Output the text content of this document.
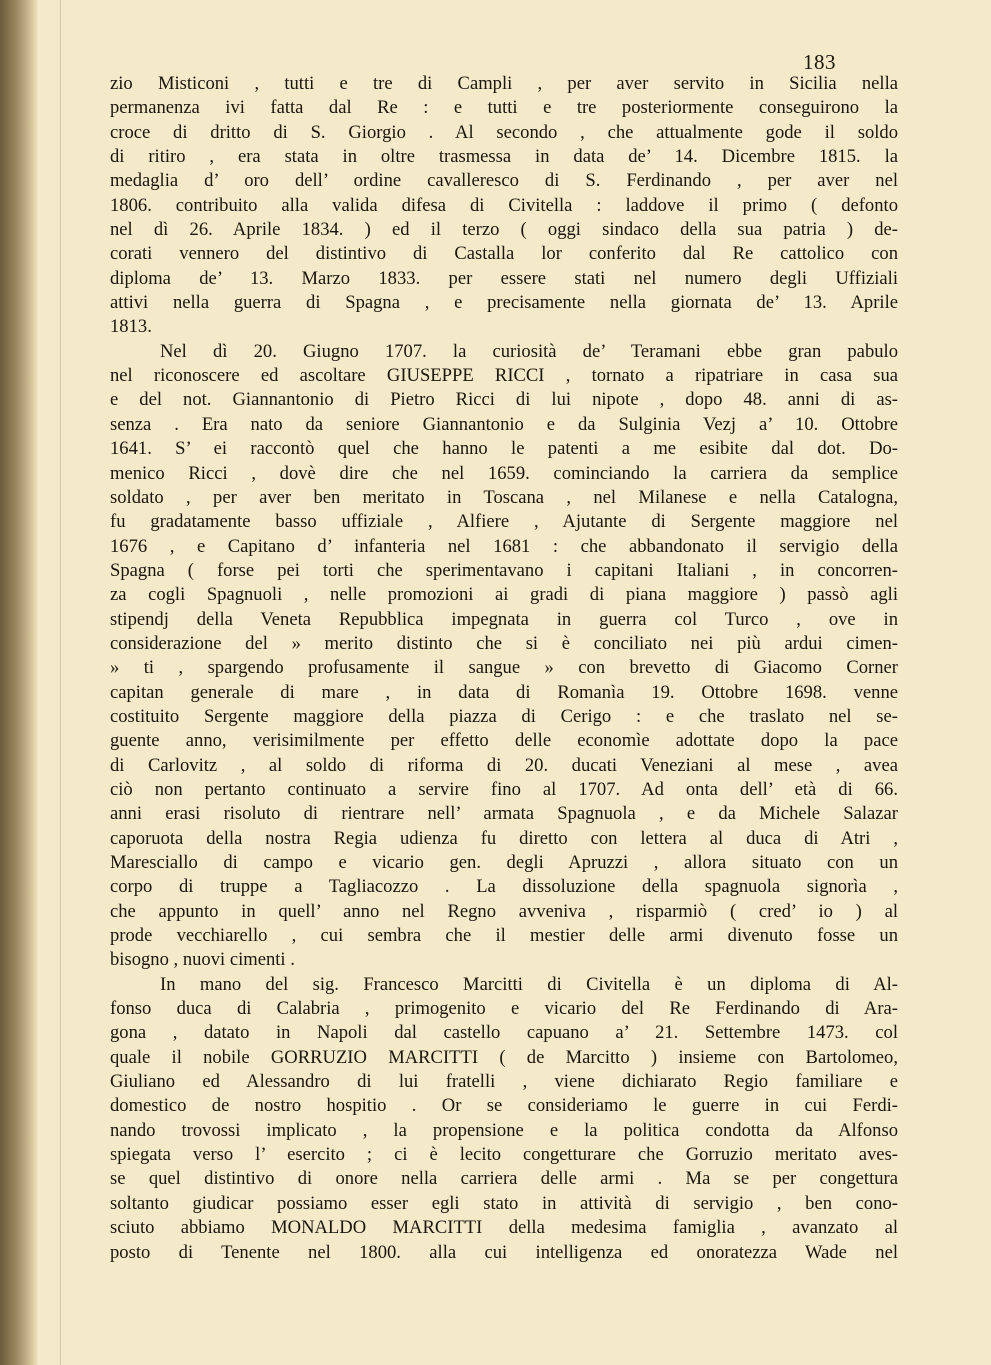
183
zio Misticoni , tutti e tre di Campli , per aver servito in Sicilia nella
permanenza ivi fatta dal Re : e tutti e tre posteriormente conseguirono la
croce di dritto di S. Giorgio . Al secondo , che attualmente gode il soldo
di ritiro , era stata in oltre trasmessa in data de’ 14. Dicembre 1815. la
medaglia d’ oro dell’ ordine cavalleresco di S. Ferdinando , per aver nel
1806. contribuito alla valida difesa di Civitella : laddove il primo ( defonto
nel dì 26. Aprile 1834. ) ed il terzo ( oggi sindaco della sua patria ) de-
corati vennero del distintivo di Castalla lor conferito dal Re cattolico con
diploma de’ 13. Marzo 1833. per essere stati nel numero degli Uffiziali
attivi nella guerra di Spagna , e precisamente nella giornata de’ 13. Aprile
1813.
Nel dì 20. Giugno 1707. la curiosità de’ Teramani ebbe gran pabulo
nel riconoscere ed ascoltare GIUSEPPE RICCI , tornato a ripatriare in casa sua
e del not. Giannantonio di Pietro Ricci di lui nipote , dopo 48. anni di as-
senza . Era nato da seniore Giannantonio e da Sulginia Vezj a’ 10. Ottobre
1641. S’ ei raccontò quel che hanno le patenti a me esibite dal dot. Do-
menico Ricci , dovè dire che nel 1659. cominciando la carriera da semplice
soldato , per aver ben meritato in Toscana , nel Milanese e nella Catalogna,
fu gradatamente basso uffiziale , Alfiere , Ajutante di Sergente maggiore nel
1676 , e Capitano d’ infanteria nel 1681 : che abbandonato il servigio della
Spagna ( forse pei torti che sperimentavano i capitani Italiani , in concorren-
za cogli Spagnuoli , nelle promozioni ai gradi di piana maggiore ) passò agli
stipendj della Veneta Repubblica impegnata in guerra col Turco , ove in
considerazione del » merito distinto che si è conciliato nei più ardui cimen-
» ti , spargendo profusamente il sangue » con brevetto di Giacomo Corner
capitan generale di mare , in data di Romanìa 19. Ottobre 1698. venne
costituito Sergente maggiore della piazza di Cerigo : e che traslato nel se-
guente anno, verisimilmente per effetto delle economìe adottate dopo la pace
di Carlovitz , al soldo di riforma di 20. ducati Veneziani al mese , avea
ciò non pertanto continuato a servire fino al 1707. Ad onta dell’ età di 66.
anni erasi risoluto di rientrare nell’ armata Spagnuola , e da Michele Salazar
caporuota della nostra Regia udienza fu diretto con lettera al duca di Atri ,
Maresciallo di campo e vicario gen. degli Apruzzi , allora situato con un
corpo di truppe a Tagliacozzo . La dissoluzione della spagnuola signorìa ,
che appunto in quell’ anno nel Regno avveniva , risparmiò ( cred’ io ) al
prode vecchiarello , cui sembra che il mestier delle armi divenuto fosse un
bisogno , nuovi cimenti .
In mano del sig. Francesco Marcitti di Civitella è un diploma di Al-
fonso duca di Calabria , primogenito e vicario del Re Ferdinando di Ara-
gona , datato in Napoli dal castello capuano a’ 21. Settembre 1473. col
quale il nobile GORRUZIO MARCITTI ( de Marcitto ) insieme con Bartolomeo,
Giuliano ed Alessandro di lui fratelli , viene dichiarato Regio familiare e
domestico de nostro hospitio . Or se consideriamo le guerre in cui Ferdi-
nando trovossi implicato , la propensione e la politica condotta da Alfonso
spiegata verso l’ esercito ; ci è lecito congetturare che Gorruzio meritato aves-
se quel distintivo di onore nella carriera delle armi . Ma se per congettura
soltanto giudicar possiamo esser egli stato in attività di servigio , ben cono-
sciuto abbiamo MONALDO MARCITTI della medesima famiglia , avanzato al
posto di Tenente nel 1800. alla cui intelligenza ed onoratezza Wade nel
